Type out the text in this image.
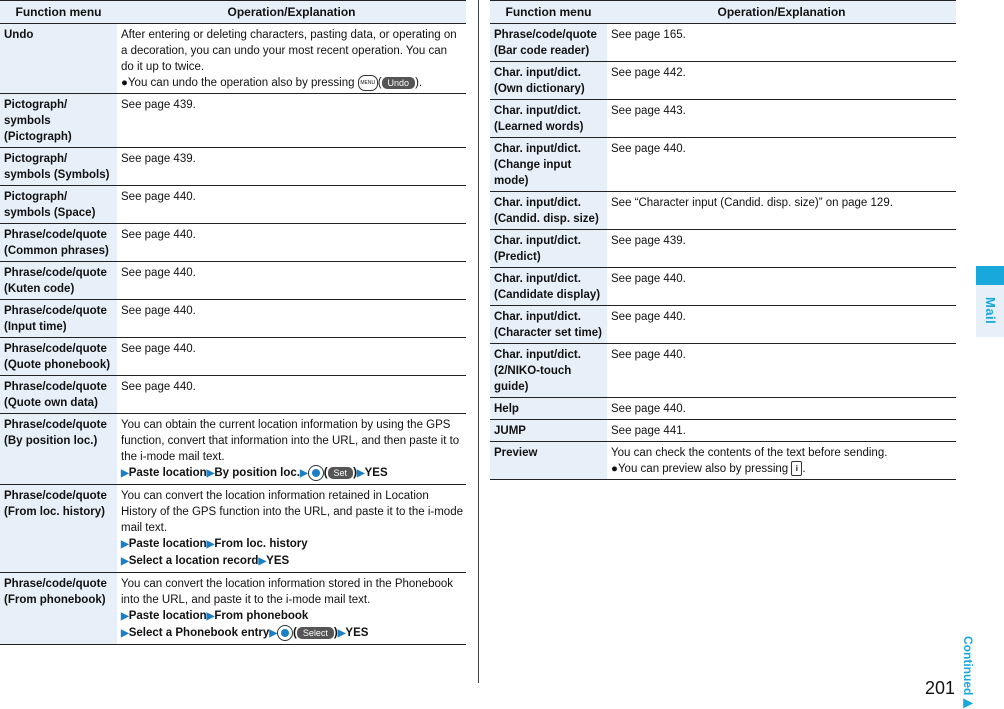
Function menu	Operation/Explanation
Undo	After entering or deleting characters, pasting data, or operating on a decoration, you can undo your most recent operation. You can do it up to twice.
●You can undo the operation also by pressing MENU ( Undo ).

Pictograph/ symbols (Pictograph)	See page 439.
Pictograph/ symbols (Symbols)	See page 439.
Pictograph/ symbols (Space)	See page 440.
Phrase/code/quote (Common phrases)	See page 440.
Phrase/code/quote (Kuten code)	See page 440.
Phrase/code/quote (Input time)	See page 440.
Phrase/code/quote (Quote phonebook)	See page 440.
Phrase/code/quote (Quote own data)	See page 440.
Phrase/code/quote (By position loc.)	You can obtain the current location information by using the GPS function, convert that information into the URL, and then paste it to the i-mode mail text.
▶Paste location▶By position loc.▶ ( Set )▶YES

Phrase/code/quote (From loc. history)	You can convert the location information retained in Location History of the GPS function into the URL, and paste it to the i-mode mail text.
▶Paste location▶From loc. history
▶Select a location record▶YES

Phrase/code/quote (From phonebook)	You can convert the location information stored in the Phonebook into the URL, and paste it to the i-mode mail text.
▶Paste location▶From phonebook
▶Select a Phonebook entry▶ ( Select )▶YES
Function menu	Operation/Explanation
Phrase/code/quote (Bar code reader)	See page 165.
Char. input/dict. (Own dictionary)	See page 442.
Char. input/dict. (Learned words)	See page 443.
Char. input/dict. (Change input mode)	See page 440.
Char. input/dict. (Candid. disp. size)	See “Character input (Candid. disp. size)” on page 129.
Char. input/dict. (Predict)	See page 439.
Char. input/dict. (Candidate display)	See page 440.
Char. input/dict. (Character set time)	See page 440.
Char. input/dict. (2/NIKO-touch guide)	See page 440.
Help	See page 440.
JUMP	See page 441.
Preview	You can check the contents of the text before sending.
●You can preview also by pressing i .
Mail
Continued▶
201
